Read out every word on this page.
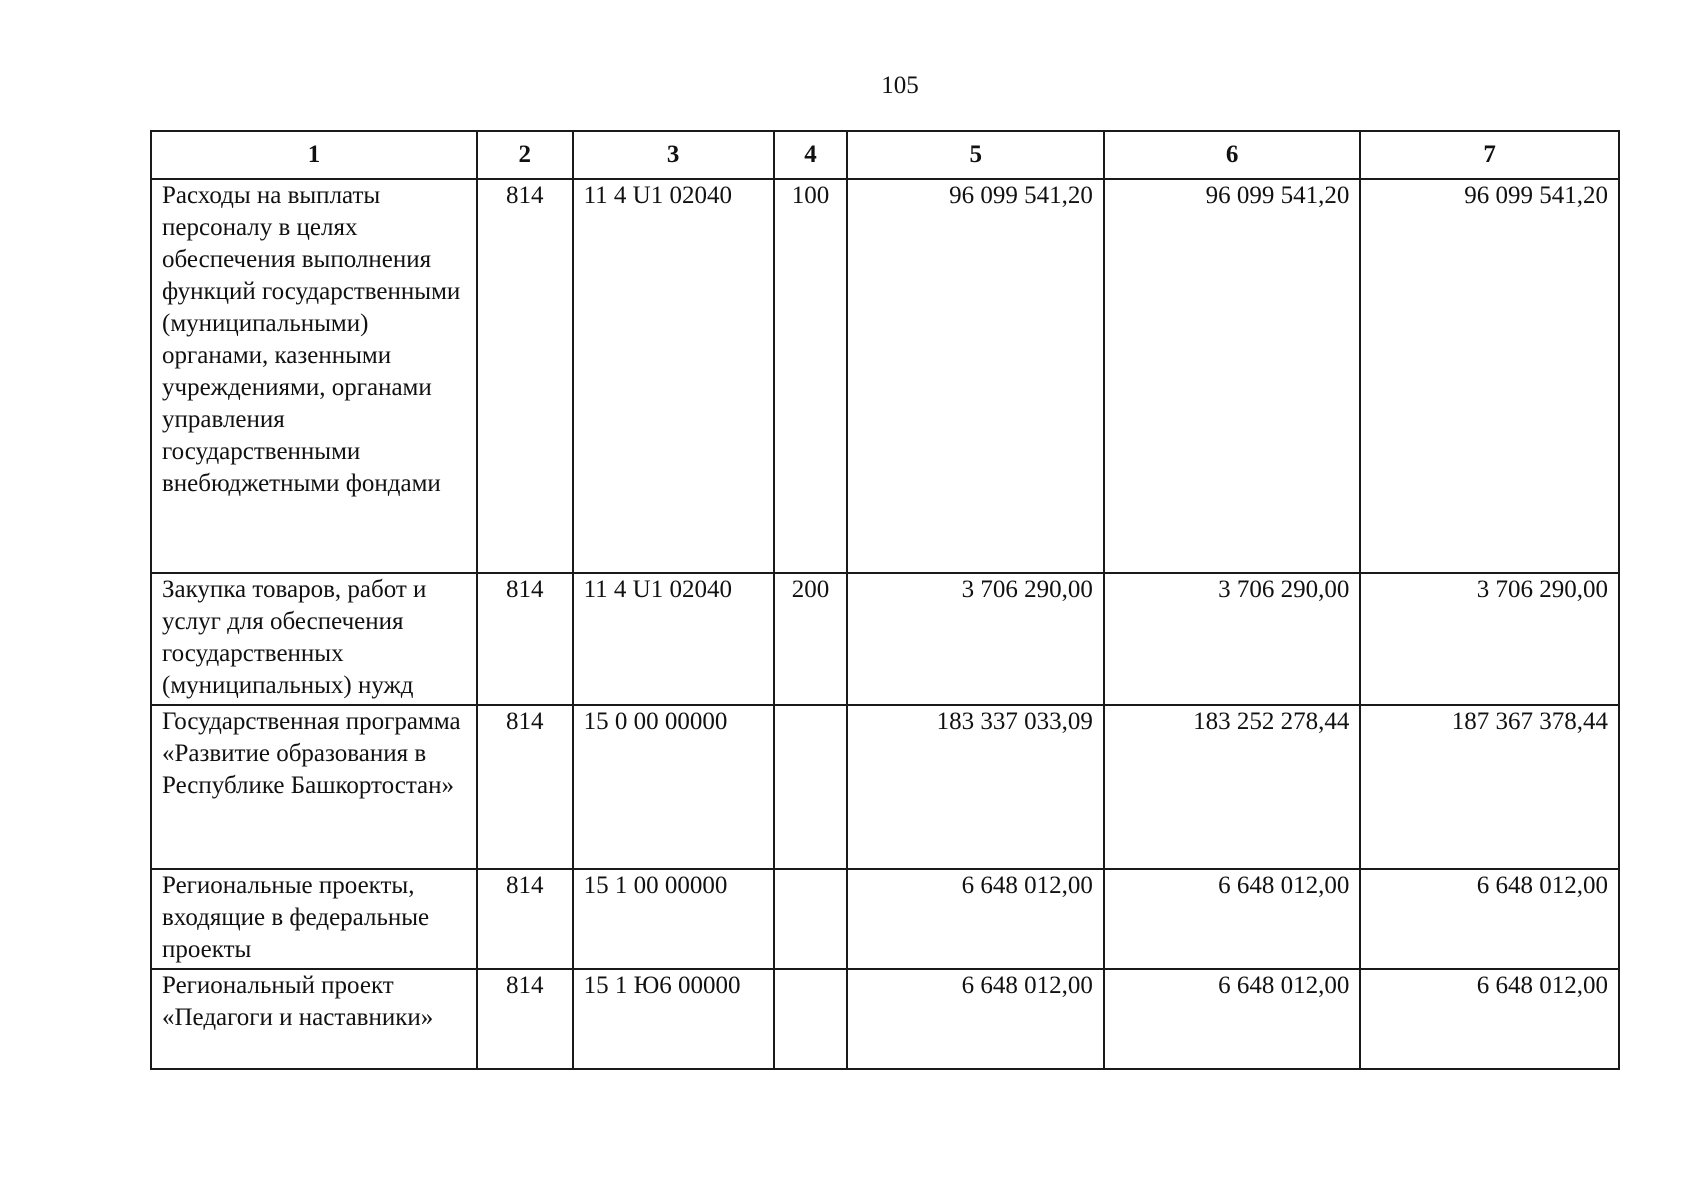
105
1	2	3	4	5	6	7
Расходы на выплаты персоналу в целях обеспечения выполнения функций государственными (муниципальными) органами, казенными учреждениями, органами управления государственными внебюджетными фондами	814	11 4 U1 02040	100	96 099 541,20	96 099 541,20	96 099 541,20
Закупка товаров, работ и услуг для обеспечения государственных (муниципальных) нужд	814	11 4 U1 02040	200	3 706 290,00	3 706 290,00	3 706 290,00
Государственная программа «Развитие образования в Республике Башкортостан»	814	15 0 00 00000		183 337 033,09	183 252 278,44	187 367 378,44
Региональные проекты, входящие в федеральные проекты	814	15 1 00 00000		6 648 012,00	6 648 012,00	6 648 012,00
Региональный проект «Педагоги и наставники»	814	15 1 Ю6 00000		6 648 012,00	6 648 012,00	6 648 012,00
